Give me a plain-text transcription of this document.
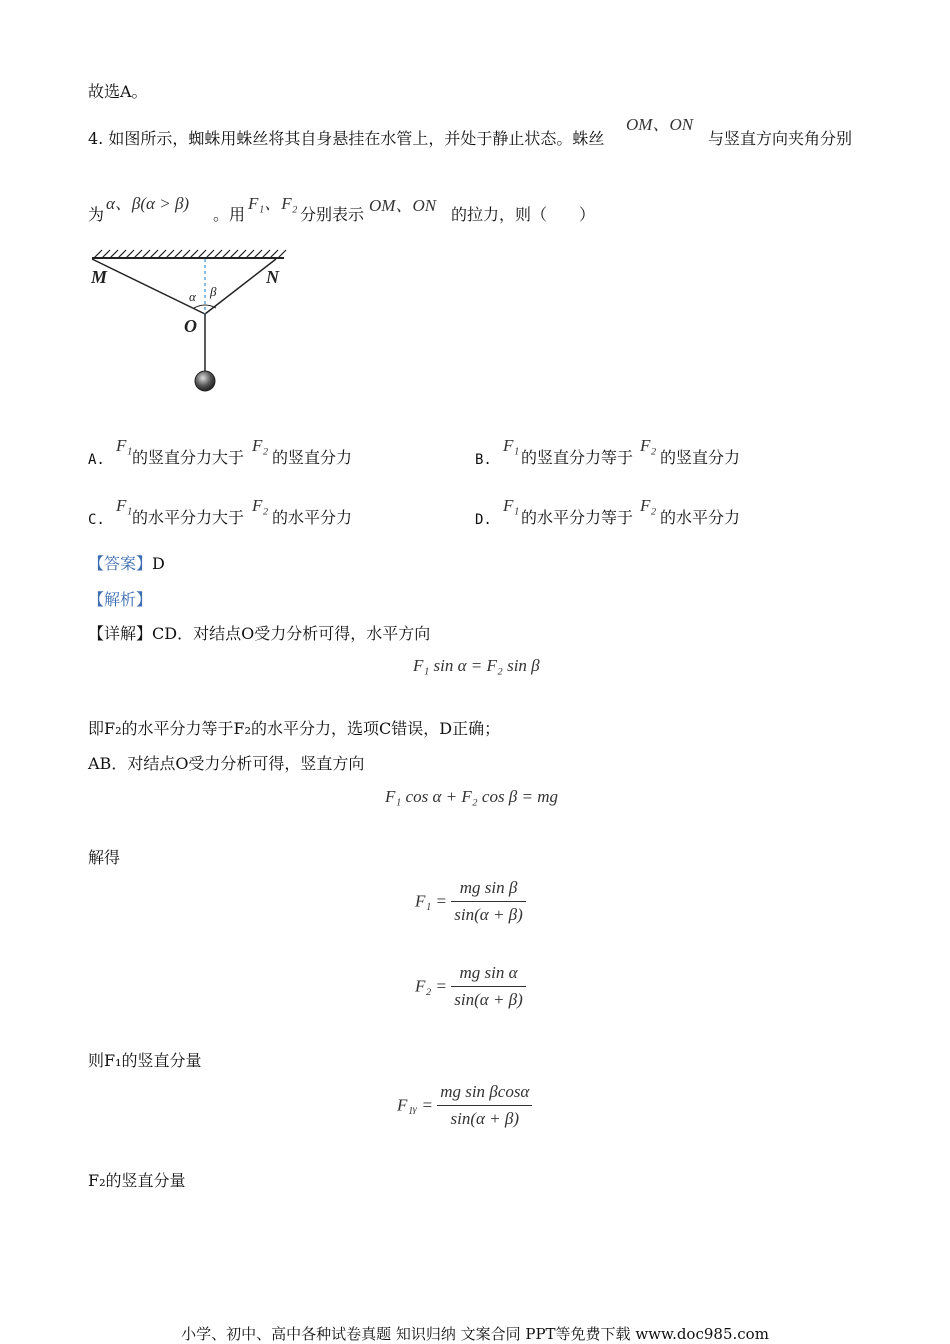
故选A。
4. 如图所示，蜘蛛用蛛丝将其自身悬挂在水管上，并处于静止状态。蛛丝
OM、ON
与竖直方向夹角分别
为
α、β(α > β)
。用
F₁、F₂
分别表示 OM、ON 的拉力，则（　　）
M	N
O
α β
A.
F₁
的竖直分力大于
F₂
的竖直分力	B.
F₁
的竖直分力等于
F₂
的竖直分力
C.
F₁
的水平分力大于
F₂
的水平分力	D.
F₁
的水平分力等于
F₂
的水平分力
【答案】D
【解析】
【详解】CD．对结点O受力分析可得，水平方向
F₁ sin α = F₂ sin β
即F₂的水平分力等于F₂的水平分力，选项C错误，D正确；
AB．对结点O受力分析可得，竖直方向
F₁ cos α + F₂ cos β = mg
解得
$F_1 = \frac{\text{mg sin β}}{\sin(\alpha + \beta)}$
$F_2 = \frac{\text{mg sin α}}{\sin(\alpha + \beta)}$
则F₁的竖直分量
F₁ᵧ = $\frac{\text{mg sin βcosα}}{\sin(\alpha + \beta)}$
F₂的竖直分量
小学、初中、高中各种试卷真题 知识归纳 文案合同 PPT等免费下载 www.doc985.com
